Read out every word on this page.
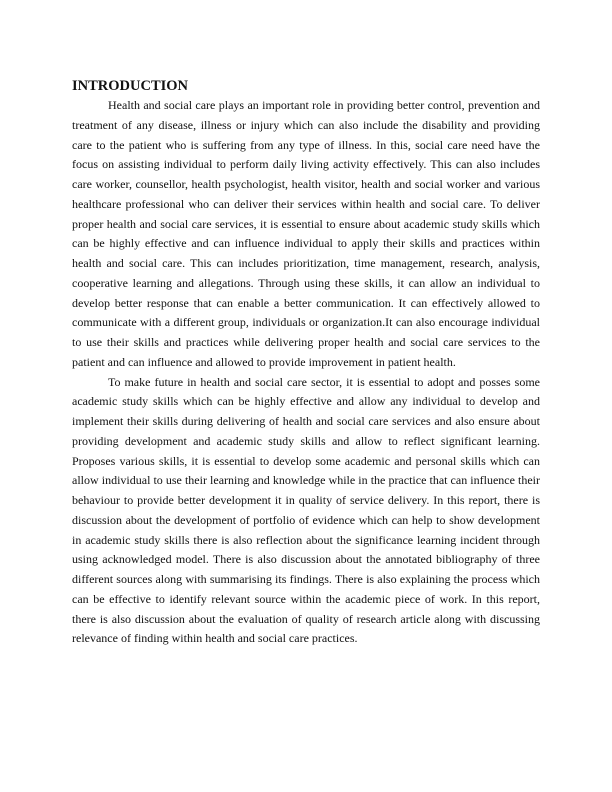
INTRODUCTION

Health and social care plays an important role in providing better control, prevention and treatment of any disease, illness or injury which can also include the disability and providing care to the patient who is suffering from any type of illness. In this, social care need have the focus on assisting individual to perform daily living activity effectively. This can also includes care worker, counsellor, health psychologist, health visitor, health and social worker and various healthcare professional who can deliver their services within health and social care. To deliver proper health and social care services, it is essential to ensure about academic study skills which can be highly effective and can influence individual to apply their skills and practices within health and social care. This can includes prioritization, time management, research, analysis, cooperative learning and allegations. Through using these skills, it can allow an individual to develop better response that can enable a better communication. It can effectively allowed to communicate with a different group, individuals or organization.It can also encourage individual to use their skills and practices while delivering proper health and social care services to the patient and can influence and allowed to provide improvement in patient health.

To make future in health and social care sector, it is essential to adopt and posses some academic study skills which can be highly effective and allow any individual to develop and implement their skills during delivering of health and social care services and also ensure about providing development and academic study skills and allow to reflect significant learning. Proposes various skills, it is essential to develop some academic and personal skills which can allow individual to use their learning and knowledge while in the practice that can influence their behaviour to provide better development it in quality of service delivery. In this report, there is discussion about the development of portfolio of evidence which can help to show development in academic study skills there is also reflection about the significance learning incident through using acknowledged model. There is also discussion about the annotated bibliography of three different sources along with summarising its findings. There is also explaining the process which can be effective to identify relevant source within the academic piece of work. In this report, there is also discussion about the evaluation of quality of research article along with discussing relevance of finding within health and social care practices.
